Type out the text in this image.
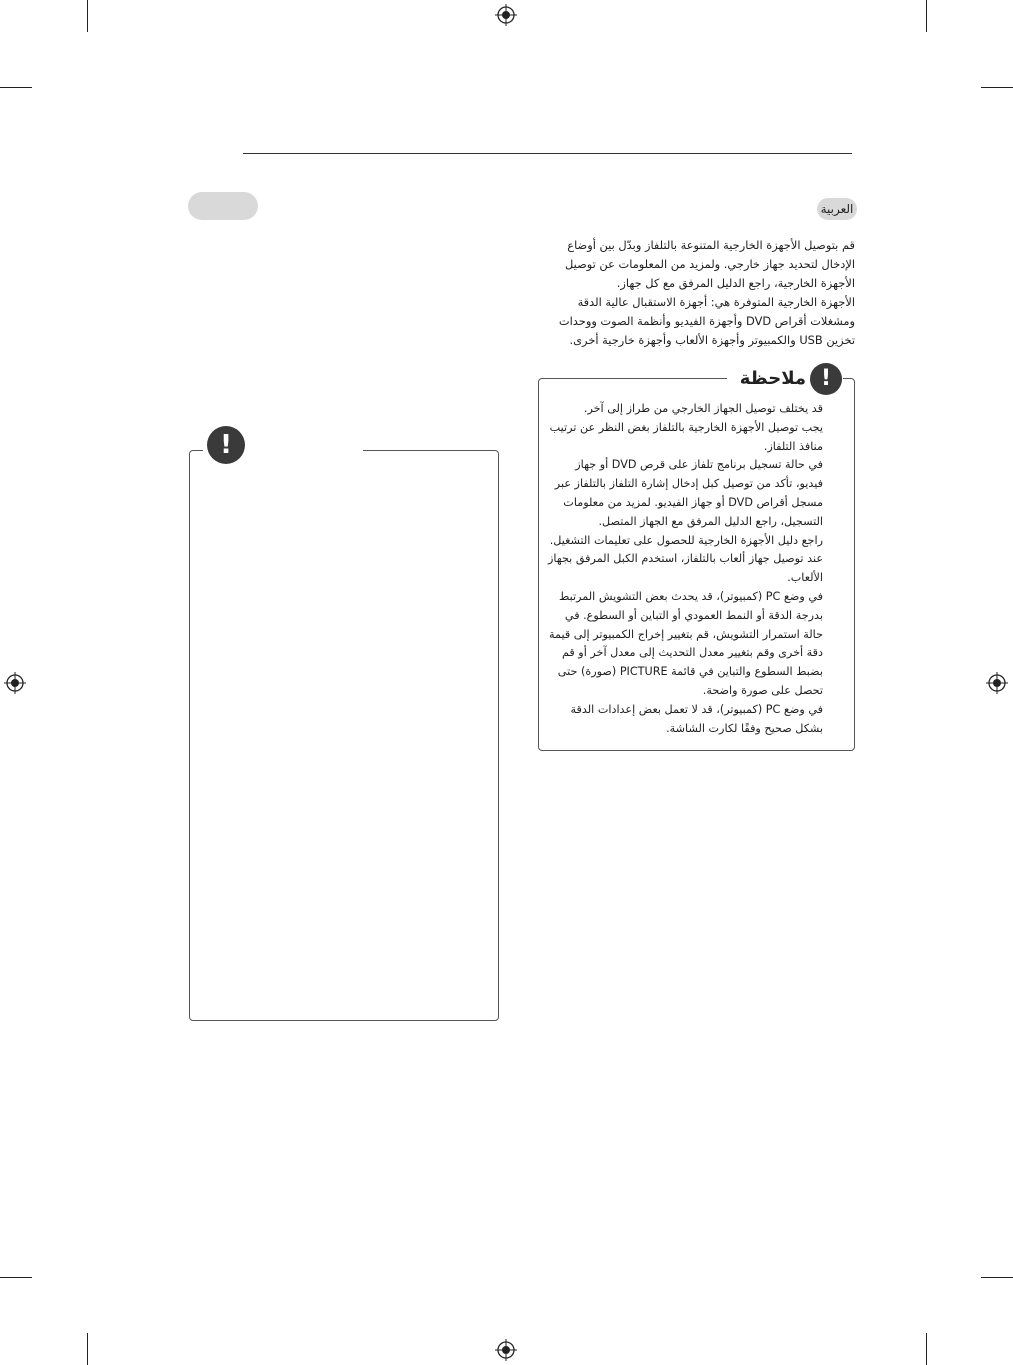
العربية

قم بتوصيل الأجهزة الخارجية المتنوعة بالتلفاز وبدّل بين أوضاع الإدخال لتحديد جهاز خارجي. ولمزيد من المعلومات عن توصيل الأجهزة الخارجية، راجع الدليل المرفق مع كل جهاز.

الأجهزة الخارجية المتوفرة هي: أجهزة الاستقبال عالية الدقة ومشغلات أقراص DVD وأجهزة الفيديو وأنظمة الصوت ووحدات تخزين USB والكمبيوتر وأجهزة الألعاب وأجهزة خارجية أخرى.

!
ملاحظة
قد يختلف توصيل الجهاز الخارجي من طراز إلى آخر.
يجب توصيل الأجهزة الخارجية بالتلفاز بغض النظر عن ترتيب منافذ التلفاز.
في حالة تسجيل برنامج تلفاز على قرص DVD أو جهاز فيديو، تأكد من توصيل كبل إدخال إشارة التلفاز بالتلفاز عبر مسجل أقراص DVD أو جهاز الفيديو. لمزيد من معلومات التسجيل، راجع الدليل المرفق مع الجهاز المتصل.
راجع دليل الأجهزة الخارجية للحصول على تعليمات التشغيل.
عند توصيل جهاز ألعاب بالتلفاز، استخدم الكبل المرفق بجهاز الألعاب.
في وضع PC (كمبيوتر)، قد يحدث بعض التشويش المرتبط بدرجة الدقة أو النمط العمودي أو التباين أو السطوع. في حالة استمرار التشويش، قم بتغيير إخراج الكمبيوتر إلى قيمة دقة أخرى وقم بتغيير معدل التحديث إلى معدل آخر أو قم بضبط السطوع والتباين في قائمة PICTURE (صورة) حتى تحصل على صورة واضحة.
في وضع PC (كمبيوتر)، قد لا تعمل بعض إعدادات الدقة بشكل صحيح وفقًا لكارت الشاشة.
!
